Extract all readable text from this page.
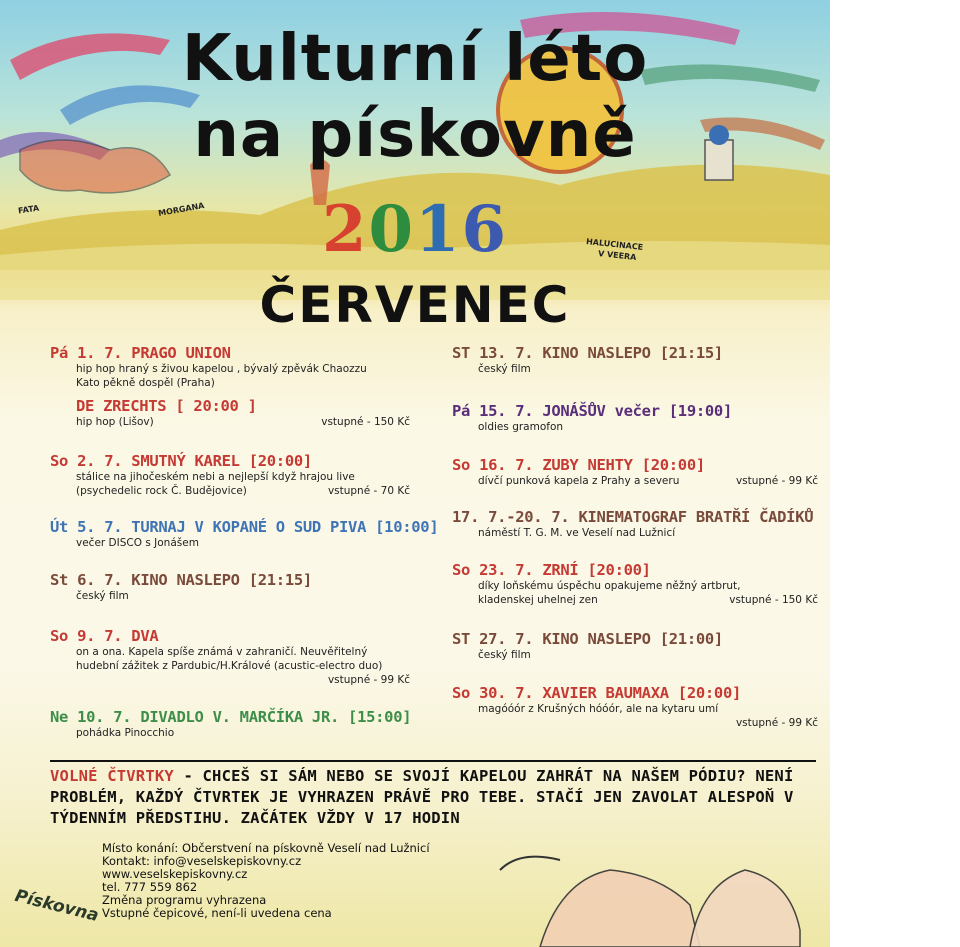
FATA	MORGANA
HALUCINACE
V VEERA
Kulturní léto
na pískovně
2016
ČERVENEC
Pá 1. 7. PRAGO UNION
hip hop hraný s živou kapelou , bývalý zpěvák Chaozzu
Kato pěkně dospěl (Praha)
DE ZRECHTS [ 20:00 ]
hip hop (Lišov)	vstupné - 150 Kč
So 2. 7. SMUTNÝ KAREL [20:00]
stálice na jihočeském nebi a nejlepší když hrajou live
(psychedelic rock Č. Budějovice)	vstupné - 70 Kč
Út 5. 7. TURNAJ V KOPANÉ O SUD PIVA [10:00]
večer DISCO s Jonášem
St 6. 7. KINO NASLEPO [21:15]
český film
So 9. 7. DVA
on a ona. Kapela spíše známá v zahraničí. Neuvěřitelný
hudební zážitek z Pardubic/H.Králové (acustic-electro duo)
vstupné - 99 Kč
Ne 10. 7. DIVADLO V. MARČÍKA JR. [15:00]
pohádka Pinocchio
ST 13. 7. KINO NASLEPO [21:15]
český film
Pá 15. 7. JONÁŠŮV večer [19:00]
oldies gramofon
So 16. 7. ZUBY NEHTY [20:00]
dívčí punková kapela z Prahy a severu	vstupné - 99 Kč
17. 7.-20. 7. KINEMATOGRAF BRATŘÍ ČADÍKŮ
náměstí T. G. M. ve Veselí nad Lužnicí
So 23. 7. ZRNÍ [20:00]
díky loňskému úspěchu opakujeme něžný artbrut,
kladenskej uhelnej zen	vstupné - 150 Kč
ST 27. 7. KINO NASLEPO [21:00]
český film
So 30. 7. XAVIER BAUMAXA [20:00]
magóóór z Krušných hóóór, ale na kytaru umí
vstupné - 99 Kč
VOLNÉ ČTVRTKY - CHCEŠ SI SÁM NEBO SE SVOJÍ KAPELOU ZAHRÁT NA NAŠEM PÓDIU? NENÍ PROBLÉM, KAŽDÝ ČTVRTEK JE VYHRAZEN PRÁVĚ PRO TEBE. STAČÍ JEN ZAVOLAT ALESPOŇ V TÝDENNÍM PŘEDSTIHU. ZAČÁTEK VŽDY V 17 HODIN
Místo konání: Občerstvení na pískovně Veselí nad Lužnicí
Kontakt: info@veselskepiskovny.cz
www.veselskepiskovny.cz
tel. 777 559 862
Změna programu vyhrazena
Vstupné čepicové, není-li uvedena cena
Pískovna
